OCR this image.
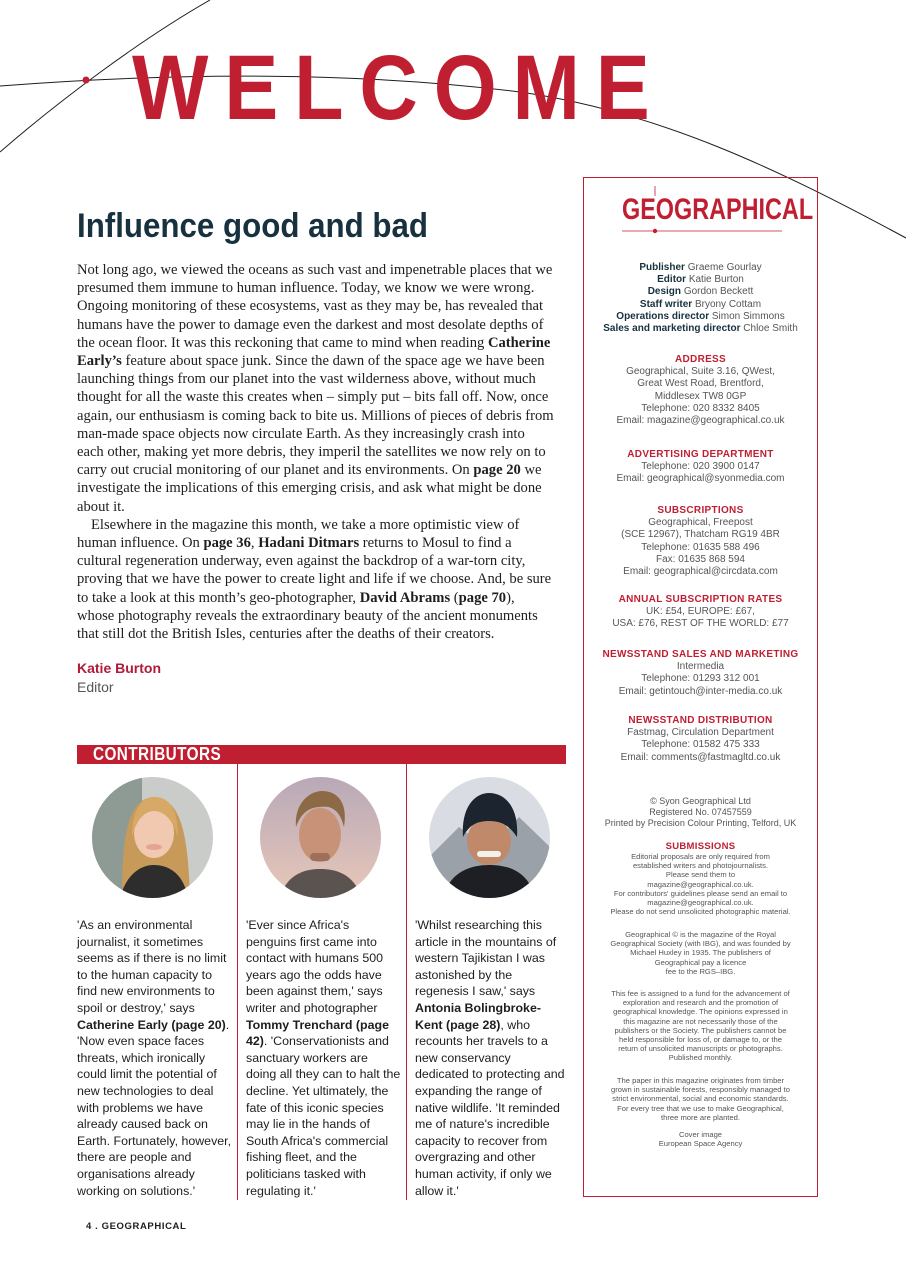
WELCOME
Influence good and bad

Not long ago, we viewed the oceans as such vast and impenetrable places that we presumed them immune to human influence. Today, we know we were wrong. Ongoing monitoring of these ecosystems, vast as they may be, has revealed that humans have the power to damage even the darkest and most desolate depths of the ocean floor. It was this reckoning that came to mind when reading Catherine Early’s feature about space junk. Since the dawn of the space age we have been launching things from our planet into the vast wilderness above, without much thought for all the waste this creates when – simply put – bits fall off. Now, once again, our enthusiasm is coming back to bite us. Millions of pieces of debris from man-made space objects now circulate Earth. As they increasingly crash into each other, making yet more debris, they imperil the satellites we now rely on to carry out crucial monitoring of our planet and its environments. On page 20 we investigate the implications of this emerging crisis, and ask what might be done about it.

Elsewhere in the magazine this month, we take a more optimistic view of human influence. On page 36, Hadani Ditmars returns to Mosul to find a cultural regeneration underway, even against the backdrop of a war-torn city, proving that we have the power to create light and life if we choose. And, be sure to take a look at this month’s geo-photographer, David Abrams (page 70), whose photography reveals the extraordinary beauty of the ancient monuments that still dot the British Isles, centuries after the deaths of their creators.

Katie Burton

Editor

CONTRIBUTORS

'As an environmental journalist, it sometimes seems as if there is no limit to the human capacity to find new environments to spoil or destroy,' says Catherine Early (page 20). 'Now even space faces threats, which ironically could limit the potential of new technologies to deal with problems we have already caused back on Earth. Fortunately, however, there are people and organisations already working on solutions.'

'Ever since Africa's penguins first came into contact with humans 500 years ago the odds have been against them,' says writer and photographer Tommy Trenchard (page 42). 'Conservationists and sanctuary workers are doing all they can to halt the decline. Yet ultimately, the fate of this iconic species may lie in the hands of South Africa's commercial fishing fleet, and the politicians tasked with regulating it.'

'Whilst researching this article in the mountains of western Tajikistan I was astonished by the regenesis I saw,' says Antonia Bolingbroke-Kent (page 28), who recounts her travels to a new conservancy dedicated to protecting and expanding the range of native wildlife. 'It reminded me of nature's incredible capacity to recover from overgrazing and other human activity, if only we allow it.'

4 . GEOGRAPHICAL

GEOGRAPHICAL

Publisher Graeme Gourlay

Editor Katie Burton

Design Gordon Beckett

Staff writer Bryony Cottam

Operations director Simon Simmons

Sales and marketing director Chloe Smith

ADDRESS

Geographical, Suite 3.16, QWest,

Great West Road, Brentford,

Middlesex TW8 0GP

Telephone: 020 8332 8405

Email: magazine@geographical.co.uk

ADVERTISING DEPARTMENT

Telephone: 020 3900 0147

Email: geographical@syonmedia.com

SUBSCRIPTIONS

Geographical, Freepost

(SCE 12967), Thatcham RG19 4BR

Telephone: 01635 588 496

Fax: 01635 868 594

Email: geographical@circdata.com

ANNUAL SUBSCRIPTION RATES

UK: £54, EUROPE: £67,

USA: £76, REST OF THE WORLD: £77

NEWSSTAND SALES AND MARKETING

Intermedia

Telephone: 01293 312 001

Email: getintouch@inter-media.co.uk

NEWSSTAND DISTRIBUTION

Fastmag, Circulation Department

Telephone: 01582 475 333

Email: comments@fastmagltd.co.uk

© Syon Geographical Ltd

Registered No. 07457559

Printed by Precision Colour Printing, Telford, UK

SUBMISSIONS

Editorial proposals are only required from

established writers and photojournalists.

Please send them to

magazine@geographical.co.uk.

For contributors' guidelines please send an email to

magazine@geographical.co.uk.

Please do not send unsolicited photographic material.

Geographical © is the magazine of the Royal

Geographical Society (with IBG), and was founded by

Michael Huxley in 1935. The publishers of

Geographical pay a licence

fee to the RGS–IBG.

This fee is assigned to a fund for the advancement of

exploration and research and the promotion of

geographical knowledge. The opinions expressed in

this magazine are not necessarily those of the

publishers or the Society. The publishers cannot be

held responsible for loss of, or damage to, or the

return of unsolicited manuscripts or photographs.

Published monthly.

The paper in this magazine originates from timber

grown in sustainable forests, responsibly managed to

strict environmental, social and economic standards.

For every tree that we use to make Geographical,

three more are planted.

Cover image

European Space Agency
